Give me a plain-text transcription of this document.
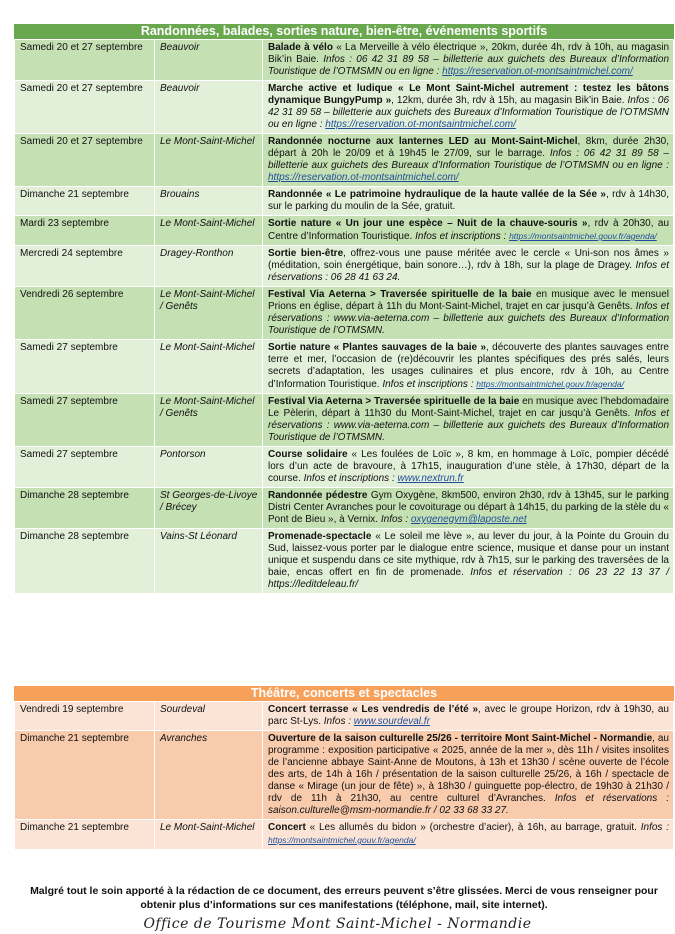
Randonnées, balades, sorties nature, bien-être, événements sportifs
Samedi 20 et 27 septembre	Beauvoir	Balade à vélo « La Merveille à vélo électrique », 20km, durée 4h, rdv à 10h, au magasin Bik’in Baie. Infos : 06 42 31 89 58 – billetterie aux guichets des Bureaux d’Information Touristique de l’OTMSMN ou en ligne : https://reservation.ot-montsaintmichel.com/
Samedi 20 et 27 septembre	Beauvoir	Marche active et ludique « Le Mont Saint-Michel autrement : testez les bâtons dynamique BungyPump », 12km, durée 3h, rdv à 15h, au magasin Bik’in Baie. Infos : 06 42 31 89 58 – billetterie aux guichets des Bureaux d’Information Touristique de l’OTMSMN ou en ligne : https://reservation.ot-montsaintmichel.com/
Samedi 20 et 27 septembre	Le Mont-Saint-Michel	Randonnée nocturne aux lanternes LED au Mont-Saint-Michel, 8km, durée 2h30, départ à 20h le 20/09 et à 19h45 le 27/09, sur le barrage. Infos : 06 42 31 89 58 – billetterie aux guichets des Bureaux d’Information Touristique de l’OTMSMN ou en ligne : https://reservation.ot-montsaintmichel.com/
Dimanche 21 septembre	Brouains	Randonnée « Le patrimoine hydraulique de la haute vallée de la Sée », rdv à 14h30, sur le parking du moulin de la Sée, gratuit.
Mardi 23 septembre	Le Mont-Saint-Michel	Sortie nature « Un jour une espèce – Nuit de la chauve-souris », rdv à 20h30, au Centre d’Information Touristique. Infos et inscriptions : https://montsaintmichel.gouv.fr/agenda/
Mercredi 24 septembre	Dragey-Ronthon	Sortie bien-être, offrez-vous une pause méritée avec le cercle « Uni-son nos âmes » (méditation, soin énergétique, bain sonore…), rdv à 18h, sur la plage de Dragey. Infos et réservations : 06 28 41 63 24.
Vendredi 26 septembre	Le Mont-Saint-Michel / Genêts	Festival Via Aeterna > Traversée spirituelle de la baie en musique avec le mensuel Prions en église, départ à 11h du Mont-Saint-Michel, trajet en car jusqu’à Genêts. Infos et réservations : www.via-aeterna.com – billetterie aux guichets des Bureaux d’Information Touristique de l’OTMSMN.
Samedi 27 septembre	Le Mont-Saint-Michel	Sortie nature « Plantes sauvages de la baie », découverte des plantes sauvages entre terre et mer, l’occasion de (re)découvrir les plantes spécifiques des prés salés, leurs secrets d’adaptation, les usages culinaires et plus encore, rdv à 10h, au Centre d’Information Touristique. Infos et inscriptions : https://montsaintmichel.gouv.fr/agenda/
Samedi 27 septembre	Le Mont-Saint-Michel / Genêts	Festival Via Aeterna > Traversée spirituelle de la baie en musique avec l’hebdomadaire Le Pèlerin, départ à 11h30 du Mont-Saint-Michel, trajet en car jusqu’à Genêts. Infos et réservations : www.via-aeterna.com – billetterie aux guichets des Bureaux d’Information Touristique de l’OTMSMN.
Samedi 27 septembre	Pontorson	Course solidaire « Les foulées de Loïc », 8 km, en hommage à Loïc, pompier décédé lors d’un acte de bravoure, à 17h15, inauguration d’une stèle, à 17h30, départ de la course. Infos et inscriptions : www.nextrun.fr
Dimanche 28 septembre	St Georges-de-Livoye / Brécey	Randonnée pédestre Gym Oxygène, 8km500, environ 2h30, rdv à 13h45, sur le parking Distri Center Avranches pour le covoiturage ou départ à 14h15, du parking de la stèle du « Pont de Bieu », à Vernix. Infos : oxygenegym@laposte.net
Dimanche 28 septembre	Vains-St Léonard	Promenade-spectacle « Le soleil me lève », au lever du jour, à la Pointe du Grouin du Sud, laissez-vous porter par le dialogue entre science, musique et danse pour un instant unique et suspendu dans ce site mythique, rdv à 7h15, sur le parking des traversées de la baie, encas offert en fin de promenade. Infos et réservation : 06 23 22 13 37 / https://leditdeleau.fr/
Théâtre, concerts et spectacles
Vendredi 19 septembre	Sourdeval	Concert terrasse « Les vendredis de l’été », avec le groupe Horizon, rdv à 19h30, au parc St-Lys. Infos : www.sourdeval.fr
Dimanche 21 septembre	Avranches	Ouverture de la saison culturelle 25/26 - territoire Mont Saint-Michel - Normandie, au programme : exposition participative « 2025, année de la mer », dès 11h / visites insolites de l’ancienne abbaye Saint-Anne de Moutons, à 13h et 13h30 / scène ouverte de l’école des arts, de 14h à 16h / présentation de la saison culturelle 25/26, à 16h / spectacle de danse « Mirage (un jour de fête) », à 18h30 / guinguette pop-électro, de 19h30 à 21h30 / rdv de 11h à 21h30, au centre culturel d’Avranches. Infos et réservations : saison.culturelle@msm-normandie.fr / 02 33 68 33 27.
Dimanche 21 septembre	Le Mont-Saint-Michel	Concert « Les allumés du bidon » (orchestre d’acier), à 16h, au barrage, gratuit. Infos : https://montsaintmichel.gouv.fr/agenda/
Malgré tout le soin apporté à la rédaction de ce document, des erreurs peuvent s’être glissées. Merci de vous renseigner pour obtenir plus d’informations sur ces manifestations (téléphone, mail, site internet).
Office de Tourisme Mont Saint-Michel - Normandie
